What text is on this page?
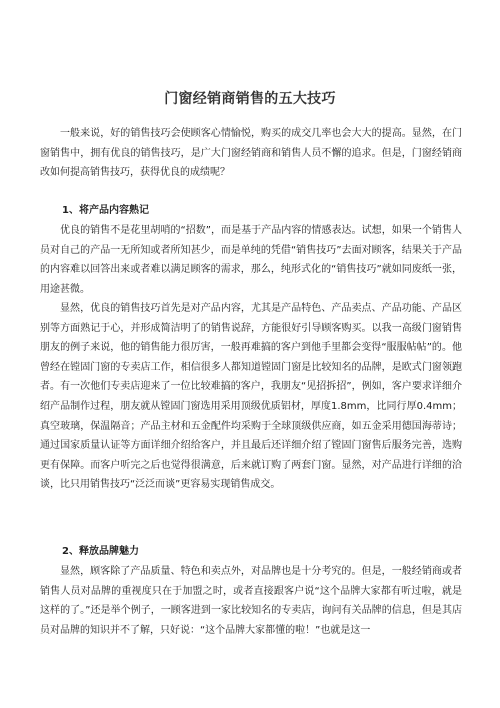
门窗经销商销售的五大技巧

一般来说，好的销售技巧会使顾客心情愉悦，购买的成交几率也会大大的提高。显然，在门窗销售中，拥有优良的销售技巧，是广大门窗经销商和销售人员不懈的追求。但是，门窗经销商改如何提高销售技巧，获得优良的成绩呢？

1、将产品内容熟记

优良的销售不是花里胡哨的“招数”，而是基于产品内容的情感表达。试想，如果一个销售人员对自己的产品一无所知或者所知甚少，而是单纯的凭借“销售技巧”去面对顾客，结果关于产品的内容难以回答出来或者难以满足顾客的需求，那么，纯形式化的“销售技巧”就如同废纸一张，用途甚微。

显然，优良的销售技巧首先是对产品内容，尤其是产品特色、产品卖点、产品功能、产品区别等方面熟记于心，并形成简洁明了的销售说辞，方能很好引导顾客购买。以我一高级门窗销售朋友的例子来说，他的销售能力很厉害，一般再难搞的客户到他手里都会变得“服服帖帖”的。他曾经在镗固门窗的专卖店工作，相信很多人都知道镗固门窗是比较知名的品牌，是欧式门窗领跑者。有一次他们专卖店迎来了一位比较难搞的客户，我朋友“见招拆招”，例如，客户要求详细介绍产品制作过程，朋友就从镗固门窗选用采用顶级优质铝材，厚度1.8mm，比同行厚0.4mm；真空玻璃，保温隔音；产品主材和五金配件均采购于全球顶级供应商，如五金采用德国海蒂诗；通过国家质量认证等方面详细介绍给客户，并且最后还详细介绍了镗固门窗售后服务完善，选购更有保障。而客户听完之后也觉得很满意，后来就订购了两套门窗。显然，对产品进行详细的洽谈，比只用销售技巧“泛泛而谈”更容易实现销售成交。

2、释放品牌魅力

显然，顾客除了产品质量、特色和卖点外，对品牌也是十分考究的。但是，一般经销商或者销售人员对品牌的重视度只在于加盟之时，或者直接跟客户说“这个品牌大家都有听过啦，就是这样的了。”还是举个例子，一顾客进到一家比较知名的专卖店，询问有关品牌的信息，但是其店员对品牌的知识并不了解，只好说：“这个品牌大家都懂的啦！”也就是这一
